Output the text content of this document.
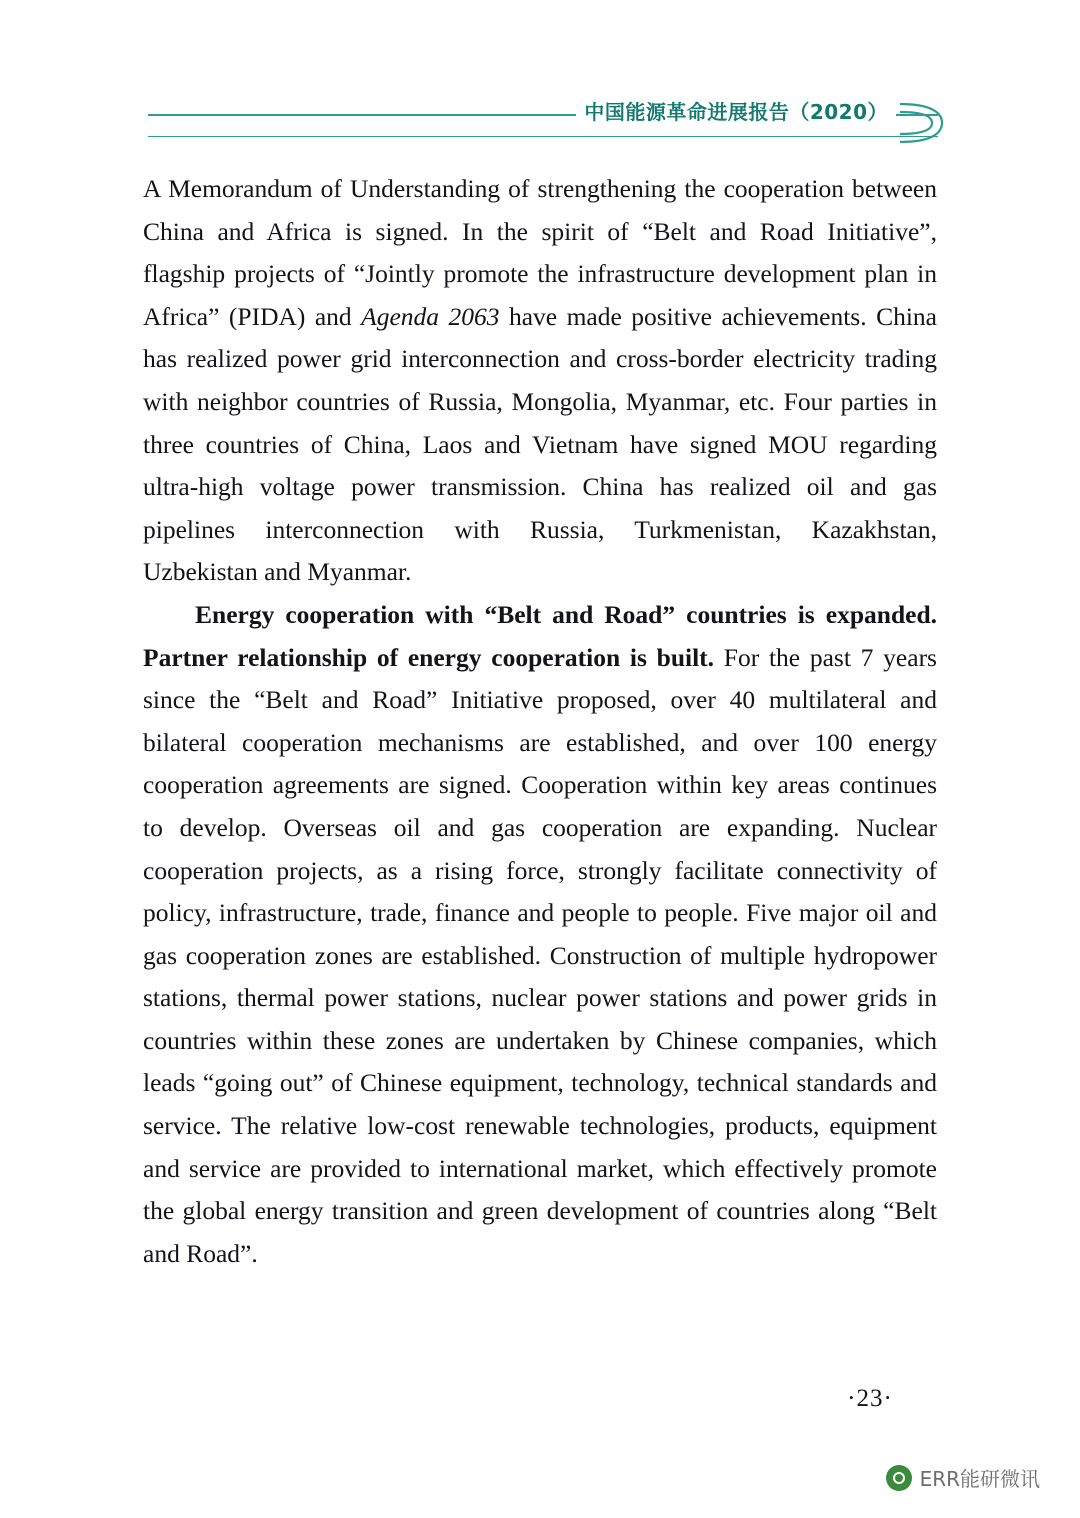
中国能源革命进展报告（2020）

A Memorandum of Understanding of strengthening the cooperation between China and Africa is signed. In the spirit of “Belt and Road Initiative”, flagship projects of “Jointly promote the infrastructure development plan in Africa” (PIDA) and Agenda 2063 have made positive achievements. China has realized power grid interconnection and cross-border electricity trading with neighbor countries of Russia, Mongolia, Myanmar, etc. Four parties in three countries of China, Laos and Vietnam have signed MOU regarding ultra-high voltage power transmission. China has realized oil and gas pipelines interconnection with Russia, Turkmenistan, Kazakhstan, Uzbekistan and Myanmar.

Energy cooperation with “Belt and Road” countries is expanded. Partner relationship of energy cooperation is built. For the past 7 years since the “Belt and Road” Initiative proposed, over 40 multilateral and bilateral cooperation mechanisms are established, and over 100 energy cooperation agreements are signed. Cooperation within key areas continues to develop. Overseas oil and gas cooperation are expanding. Nuclear cooperation projects, as a rising force, strongly facilitate connectivity of policy, infrastructure, trade, finance and people to people. Five major oil and gas cooperation zones are established. Construction of multiple hydropower stations, thermal power stations, nuclear power stations and power grids in countries within these zones are undertaken by Chinese companies, which leads “going out” of Chinese equipment, technology, technical standards and service. The relative low-cost renewable technologies, products, equipment and service are provided to international market, which effectively promote the global energy transition and green development of countries along “Belt and Road”.

·23·
ERR能研微讯
